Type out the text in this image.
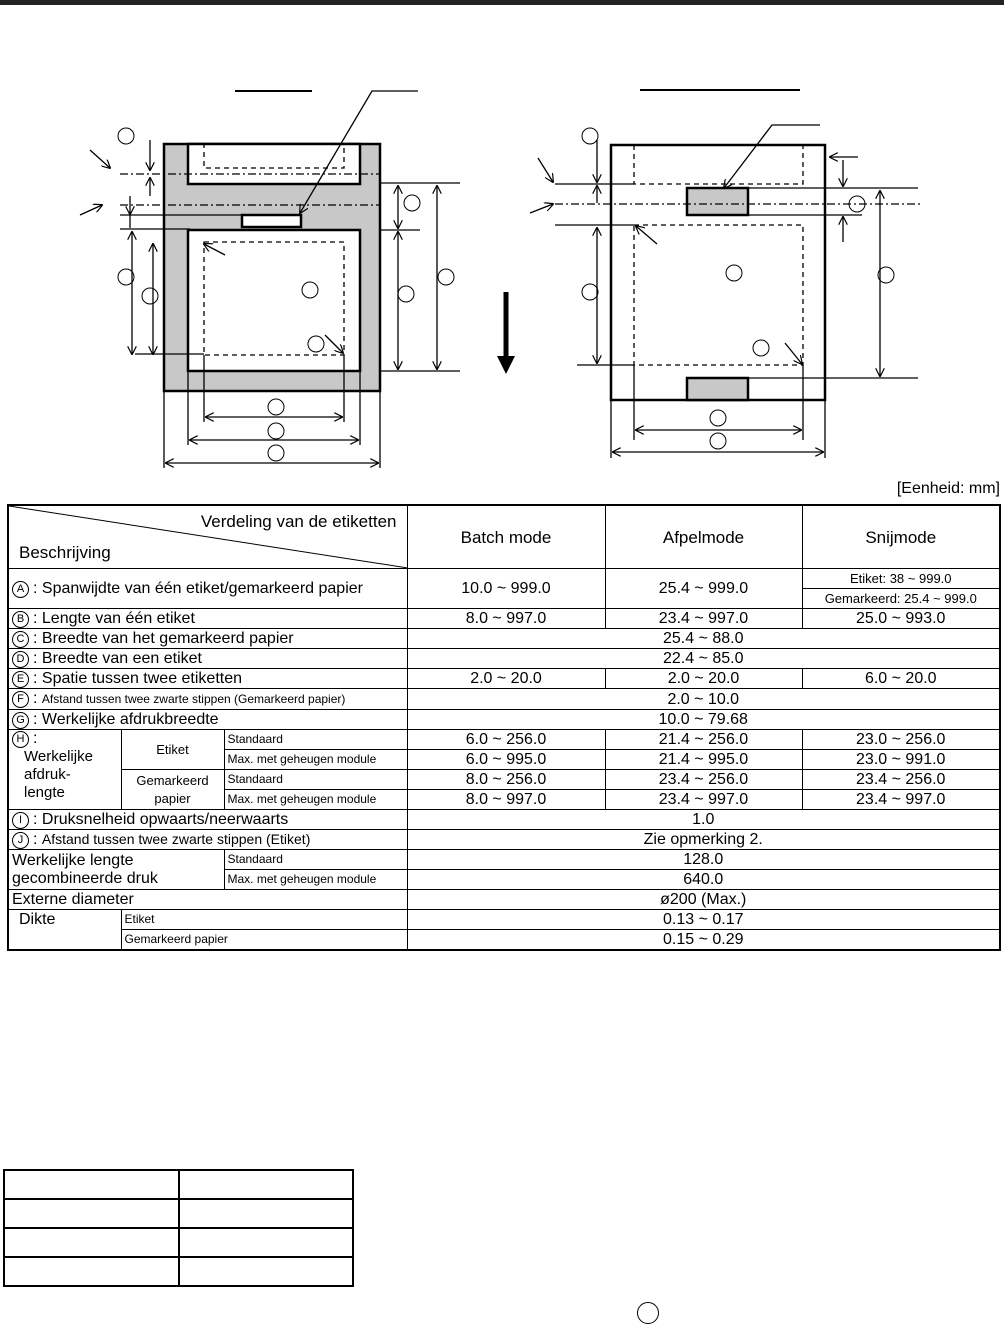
[Eenheid: mm]
Verdeling van de etiketten
Beschrijving			Batch mode	Afpelmode	Snijmode
A : Spanwijdte van één etiket/gemarkeerd papier			10.0 ~ 999.0	25.4 ~ 999.0	Etiket: 38 ~ 999.0
					Gemarkeerd: 25.4 ~ 999.0
B : Lengte van één etiket			8.0 ~ 997.0	23.4 ~ 997.0	25.0 ~ 993.0
C : Breedte van het gemarkeerd papier			25.4 ~ 88.0		
D : Breedte van een etiket			22.4 ~ 85.0		
E : Spatie tussen twee etiketten			2.0 ~ 20.0	2.0 ~ 20.0	6.0 ~ 20.0
F : Afstand tussen twee zwarte stippen (Gemarkeerd papier)			2.0 ~ 10.0		
G : Werkelijke afdrukbreedte			10.0 ~ 79.68		
H :
Werkelijke afdruk-lengte	Etiket	Standaard	6.0 ~ 256.0	21.4 ~ 256.0	23.0 ~ 256.0
		Max. met geheugen module	6.0 ~ 995.0	21.4 ~ 995.0	23.0 ~ 991.0
	Gemarkeerd papier	Standaard	8.0 ~ 256.0	23.4 ~ 256.0	23.4 ~ 256.0
		Max. met geheugen module	8.0 ~ 997.0	23.4 ~ 997.0	23.4 ~ 997.0
I : Druksnelheid opwaarts/neerwaarts			1.0		
J : Afstand tussen twee zwarte stippen (Etiket)			Zie opmerking 2.		
Werkelijke lengte gecombineerde druk		Standaard	128.0		
		Max. met geheugen module	640.0		
Externe diameter			ø200 (Max.)		
Dikte	Etiket		0.13 ~ 0.17		
	Gemarkeerd papier		0.15 ~ 0.29		
